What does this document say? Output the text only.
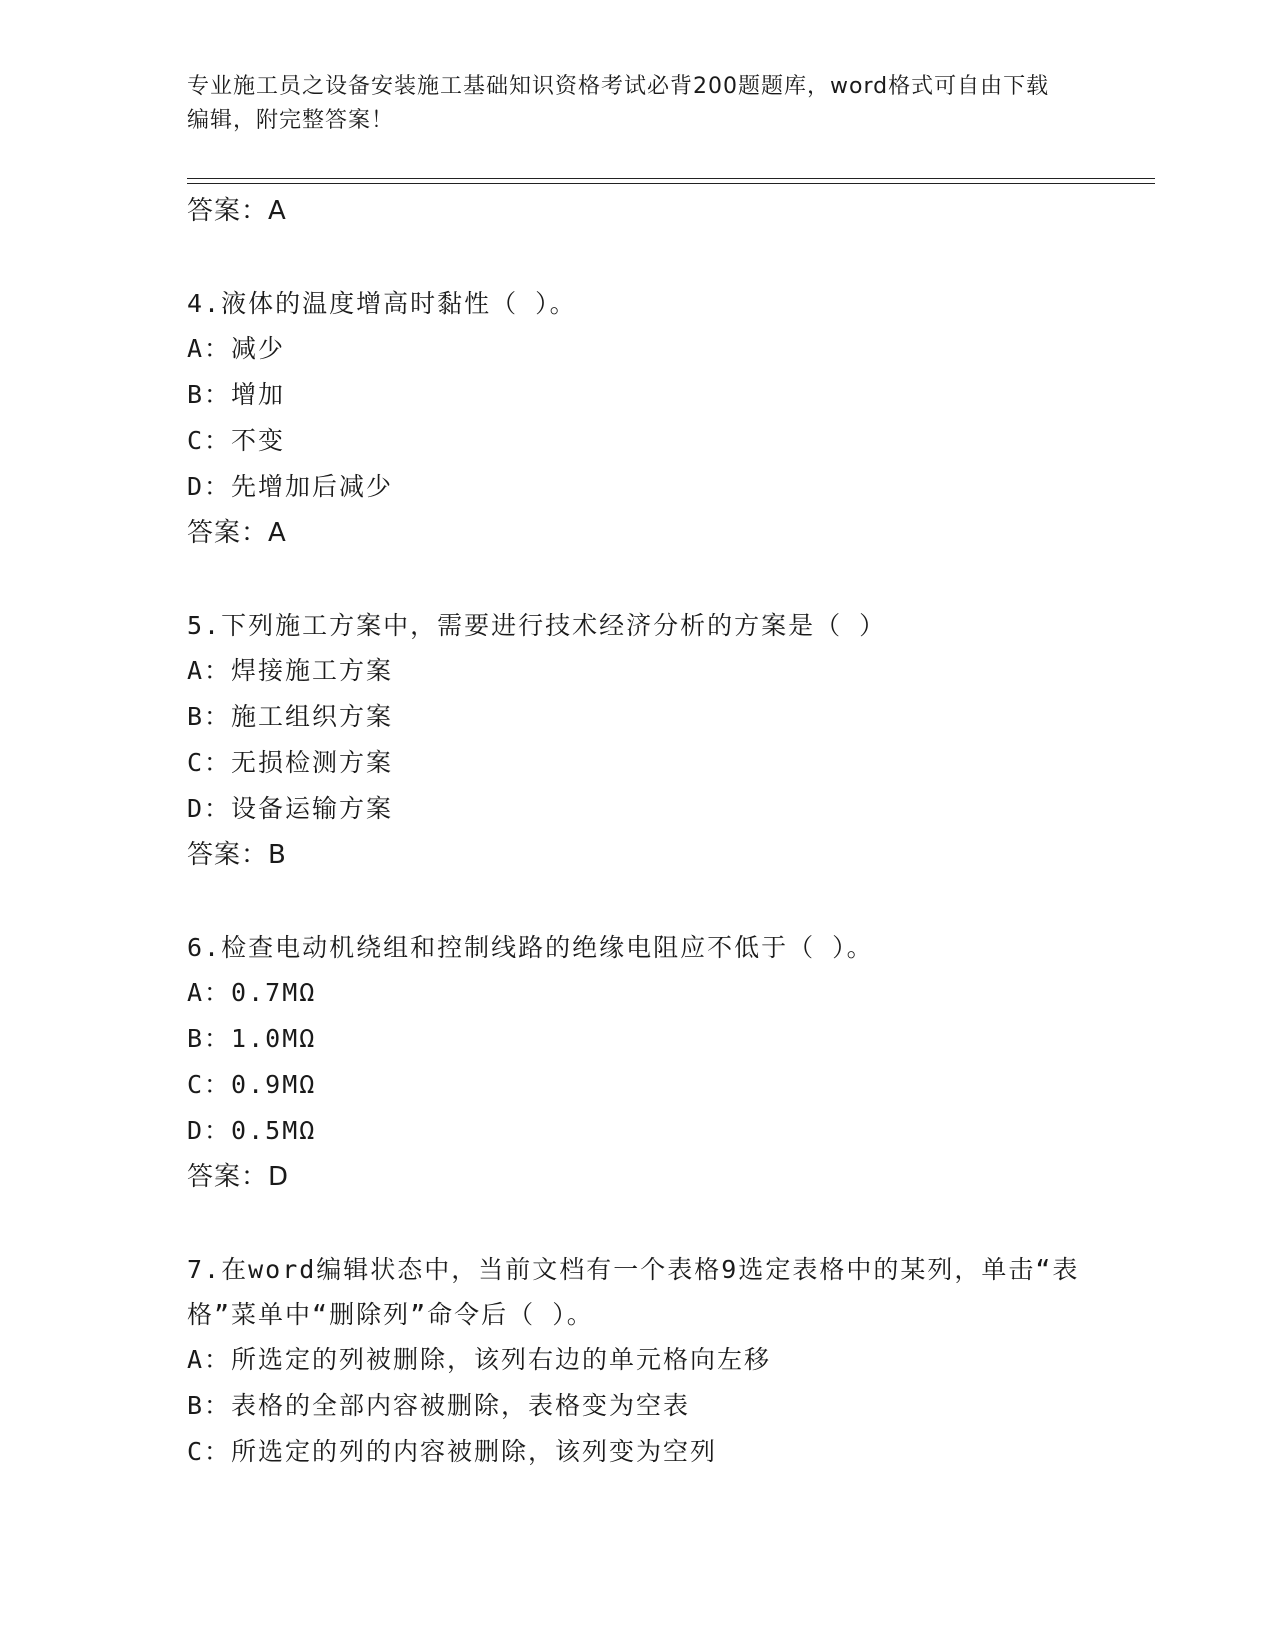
专业施工员之设备安装施工基础知识资格考试必背200题题库，word格式可自由下载编辑，附完整答案！
答案：A
4.液体的温度增高时黏性（ ）。
A：减少
B：增加
C：不变
D：先增加后减少
答案：A
5.下列施工方案中，需要进行技术经济分析的方案是（ ）
A：焊接施工方案
B：施工组织方案
C：无损检测方案
D：设备运输方案
答案：B
6.检查电动机绕组和控制线路的绝缘电阻应不低于（ ）。
A：0.7MΩ
B：1.0MΩ
C：0.9MΩ
D：0.5MΩ
答案：D
7.在word编辑状态中，当前文档有一个表格9选定表格中的某列，单击“表格”菜单中“删除列”命令后（ ）。
A：所选定的列被删除，该列右边的单元格向左移
B：表格的全部内容被删除，表格变为空表
C：所选定的列的内容被删除，该列变为空列
